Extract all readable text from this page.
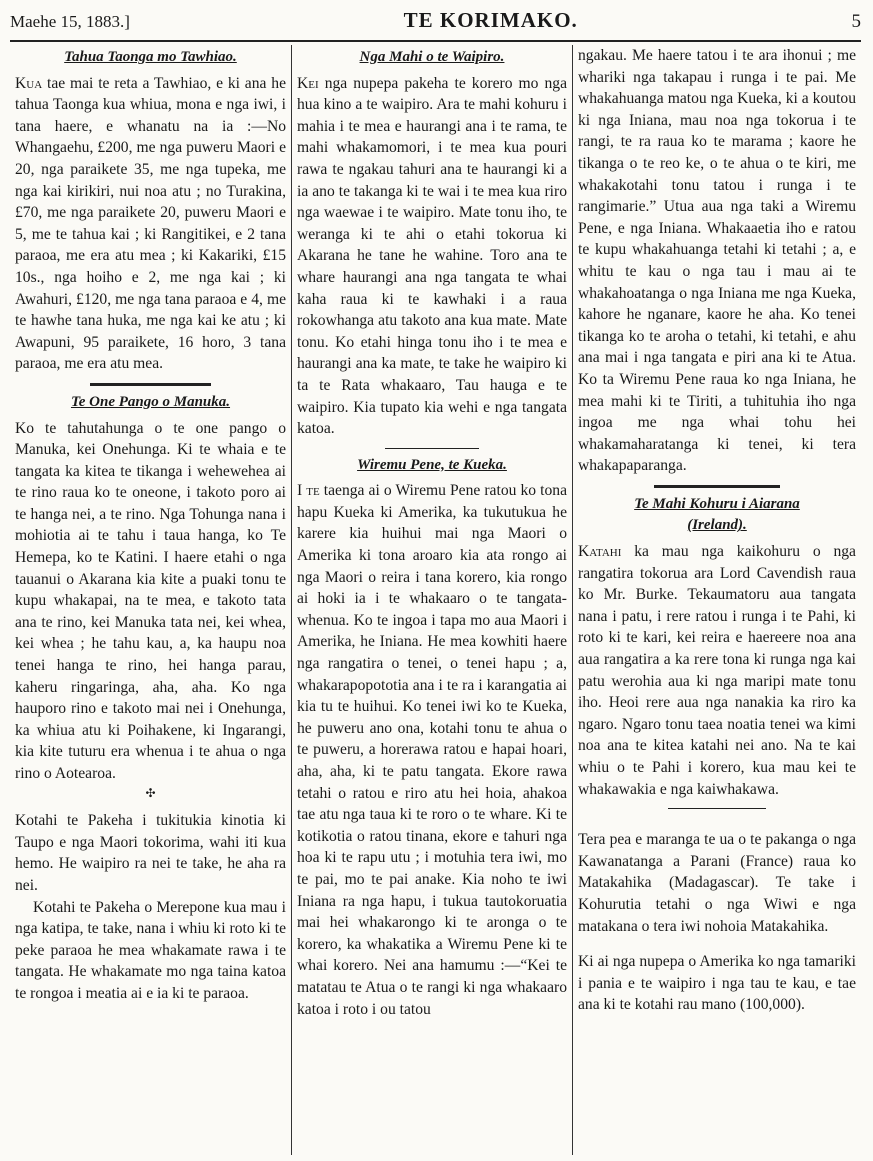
Maehe 15, 1883.]	TE KORIMAKO.	5
Tahua Taonga mo Tawhiao.

Kua tae mai te reta a Tawhiao, e ki ana he tahua Taonga kua whiua, mona e nga iwi, i tana haere, e whanatu na ia :—No Whangaehu, £200, me nga puweru Maori e 20, nga paraikete 35, me nga tupeka, me nga kai kirikiri, nui noa atu ; no Turakina, £70, me nga paraikete 20, puweru Maori e 5, me te tahua kai ; ki Rangitikei, e 2 tana paraoa, me era atu mea ; ki Kakariki, £15 10s., nga hoiho e 2, me nga kai ; ki Awahuri, £120, me nga tana paraoa e 4, me te hawhe tana huka, me nga kai ke atu ; ki Awapuni, 95 paraikete, 16 horo, 3 tana paraoa, me era atu mea.

Te One Pango o Manuka.

Ko te tahutahunga o te one pango o Manuka, kei Onehunga. Ki te whaia e te tangata ka kitea te tikanga i wehewehea ai te rino raua ko te oneone, i takoto poro ai te hanga nei, a te rino. Nga Tohunga nana i mohiotia ai te tahu i taua hanga, ko Te Hemepa, ko te Katini. I haere etahi o nga tauanui o Akarana kia kite a puaki tonu te kupu whakapai, na te mea, e takoto tata ana te rino, kei Manuka tata nei, kei whea, kei whea ; he tahu kau, a, ka haupu noa tenei hanga te rino, hei hanga parau, kaheru ringaringa, aha, aha. Ko nga hauporo rino e takoto mai nei i Onehunga, ka whiua atu ki Poihakene, ki Ingarangi, kia kite tuturu era whenua i te ahua o nga rino o Aotearoa.

✣

Kotahi te Pakeha i tukitukia kinotia ki Taupo e nga Maori tokorima, wahi iti kua hemo. He waipiro ra nei te take, he aha ra nei.

Kotahi te Pakeha o Merepone kua mau i nga katipa, te take, nana i whiu ki roto ki te peke paraoa he mea whakamate rawa i te tangata. He whakamate mo nga taina katoa te rongoa i meatia ai e ia ki te paraoa.

Nga Mahi o te Waipiro.

Kei nga nupepa pakeha te korero mo nga hua kino a te waipiro. Ara te mahi kohuru i mahia i te mea e haurangi ana i te rama, te mahi whakamomori, i te mea kua pouri rawa te ngakau tahuri ana te haurangi ki a ia ano te takanga ki te wai i te mea kua riro nga waewae i te waipiro. Mate tonu iho, te weranga ki te ahi o etahi tokorua ki Akarana he tane he wahine. Toro ana te whare haurangi ana nga tangata te whai kaha raua ki te kawhaki i a raua rokowhanga atu takoto ana kua mate. Mate tonu. Ko etahi hinga tonu iho i te mea e haurangi ana ka mate, te take he waipiro ki ta te Rata whakaaro, Tau hauga e te waipiro. Kia tupato kia wehi e nga tangata katoa.

Wiremu Pene, te Kueka.

I te taenga ai o Wiremu Pene ratou ko tona hapu Kueka ki Amerika, ka tukutukua he karere kia huihui mai nga Maori o Amerika ki tona aroaro kia ata rongo ai nga Maori o reira i tana korero, kia rongo ai hoki ia i te whakaaro o te tangata-whenua. Ko te ingoa i tapa mo aua Maori i Amerika, he Iniana. He mea kowhiti haere nga rangatira o tenei, o tenei hapu ; a, whakarapopototia ana i te ra i karangatia ai kia tu te huihui. Ko tenei iwi ko te Kueka, he puweru ano ona, kotahi tonu te ahua o te puweru, a horerawa ratou e hapai hoari, aha, aha, ki te patu tangata. Ekore rawa tetahi o ratou e riro atu hei hoia, ahakoa tae atu nga taua ki te roro o te whare. Ki te kotikotia o ratou tinana, ekore e tahuri nga hoa ki te rapu utu ; i motuhia tera iwi, mo te pai, mo te pai anake. Kia noho te iwi Iniana ra nga hapu, i tukua tautokoruatia mai hei whakarongo ki te aronga o te korero, ka whakatika a Wiremu Pene ki te whai korero. Nei ana hamumu :—“Kei te matatau te Atua o te rangi ki nga whakaaro katoa i roto i ou tatou

ngakau. Me haere tatou i te ara ihonui ; me whariki nga takapau i runga i te pai. Me whakahuanga matou nga Kueka, ki a koutou ki nga Iniana, mau noa nga tokorua i te rangi, te ra raua ko te marama ; kaore he tikanga o te reo ke, o te ahua o te kiri, me whakakotahi tonu tatou i runga i te rangimarie.” Utua aua nga taki a Wiremu Pene, e nga Iniana. Whakaaetia iho e ratou te kupu whakahuanga tetahi ki tetahi ; a, e whitu te kau o nga tau i mau ai te whakahoatanga o nga Iniana me nga Kueka, kahore he nganare, kaore he aha. Ko tenei tikanga ko te aroha o tetahi, ki tetahi, e ahu ana mai i nga tangata e piri ana ki te Atua. Ko ta Wiremu Pene raua ko nga Iniana, he mea mahi ki te Tiriti, a tuhituhia iho nga ingoa me nga whai tohu hei whakamaharatanga ki tenei, ki tera whakapaparanga.

Te Mahi Kohuru i Aiarana
(Ireland).

Katahi ka mau nga kaikohuru o nga rangatira tokorua ara Lord Cavendish raua ko Mr. Burke. Tekaumatoru aua tangata nana i patu, i rere ratou i runga i te Pahi, ki roto ki te kari, kei reira e haereere noa ana aua rangatira a ka rere tona ki runga nga kai patu werohia aua ki nga maripi mate tonu iho. Heoi rere aua nga nanakia ka riro ka ngaro. Ngaro tonu taea noatia tenei wa kimi noa ana te kitea katahi nei ano. Na te kai whiu o te Pahi i korero, kua mau kei te whakawakia e nga kaiwhakawa.

Tera pea e maranga te ua o te pakanga o nga Kawanatanga a Parani (France) raua ko Matakahika (Madagascar). Te take i Kohurutia tetahi o nga Wiwi e nga matakana o tera iwi nohoia Matakahika.

Ki ai nga nupepa o Amerika ko nga tamariki i pania e te waipiro i nga tau te kau, e tae ana ki te kotahi rau mano (100,000).
